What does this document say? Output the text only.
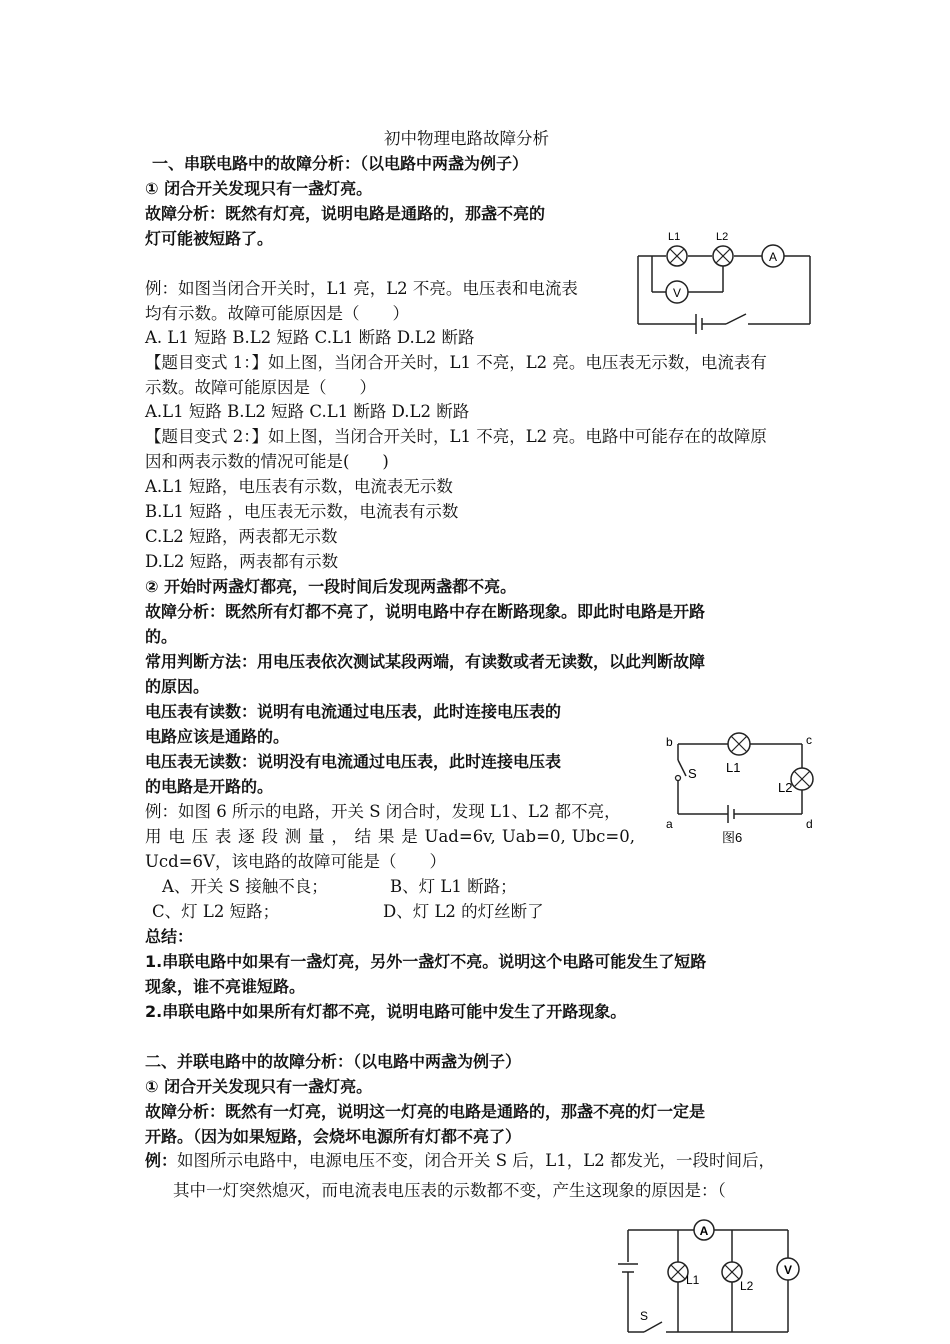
初中物理电路故障分析
一、串联电路中的故障分析：（以电路中两盏为例子）
① 闭合开关发现只有一盏灯亮。
故障分析：既然有灯亮，说明电路是通路的，那盏不亮的
灯可能被短路了。
例：如图当闭合开关时，L1 亮，L2 不亮。电压表和电流表
均有示数。故障可能原因是（　　）
A. L1 短路 B.L2 短路 C.L1 断路 D.L2 断路
【题目变式 1：】如上图，当闭合开关时，L1 不亮，L2 亮。电压表无示数，电流表有
示数。故障可能原因是（　　）
A.L1 短路 B.L2 短路 C.L1 断路 D.L2 断路
【题目变式 2：】如上图，当闭合开关时，L1 不亮，L2 亮。电路中可能存在的故障原
因和两表示数的情况可能是(　　)
A.L1 短路，电压表有示数，电流表无示数
B.L1 短路 ，电压表无示数，电流表有示数
C.L2 短路，两表都无示数
D.L2 短路，两表都有示数
② 开始时两盏灯都亮，一段时间后发现两盏都不亮。
故障分析：既然所有灯都不亮了，说明电路中存在断路现象。即此时电路是开路
的。
常用判断方法：用电压表依次测试某段两端，有读数或者无读数，以此判断故障
的原因。
电压表有读数：说明有电流通过电压表，此时连接电压表的
电路应该是通路的。
电压表无读数：说明没有电流通过电压表，此时连接电压表
的电路是开路的。
例：如图 6 所示的电路，开关 S 闭合时，发现 L1、L2 都不亮，
用 电 压 表 逐 段 测 量 ， 结 果 是 Uad=6v, Uab=0, Ubc=0,
Ucd=6V，该电路的故障可能是（　　）
A、开关 S 接触不良；	B、灯 L1 断路；
C、灯 L2 短路；	D、灯 L2 的灯丝断了
总结：
1.串联电路中如果有一盏灯亮，另外一盏灯不亮。说明这个电路可能发生了短路
现象，谁不亮谁短路。
2.串联电路中如果所有灯都不亮，说明电路可能中发生了开路现象。
二、并联电路中的故障分析：（以电路中两盏为例子）
① 闭合开关发现只有一盏灯亮。
故障分析：既然有一灯亮，说明这一灯亮的电路是通路的，那盏不亮的灯一定是
开路。（因为如果短路，会烧坏电源所有灯都不亮了）
例：如图所示电路中，电源电压不变，闭合开关 S 后，L1，L2 都发光，一段时间后，
其中一灯突然熄灭，而电流表电压表的示数都不变，产生这现象的原因是：（
A
V
L1	L2
b	c
a	d
S L1
L2
图6
A
V
L1	L2
S
